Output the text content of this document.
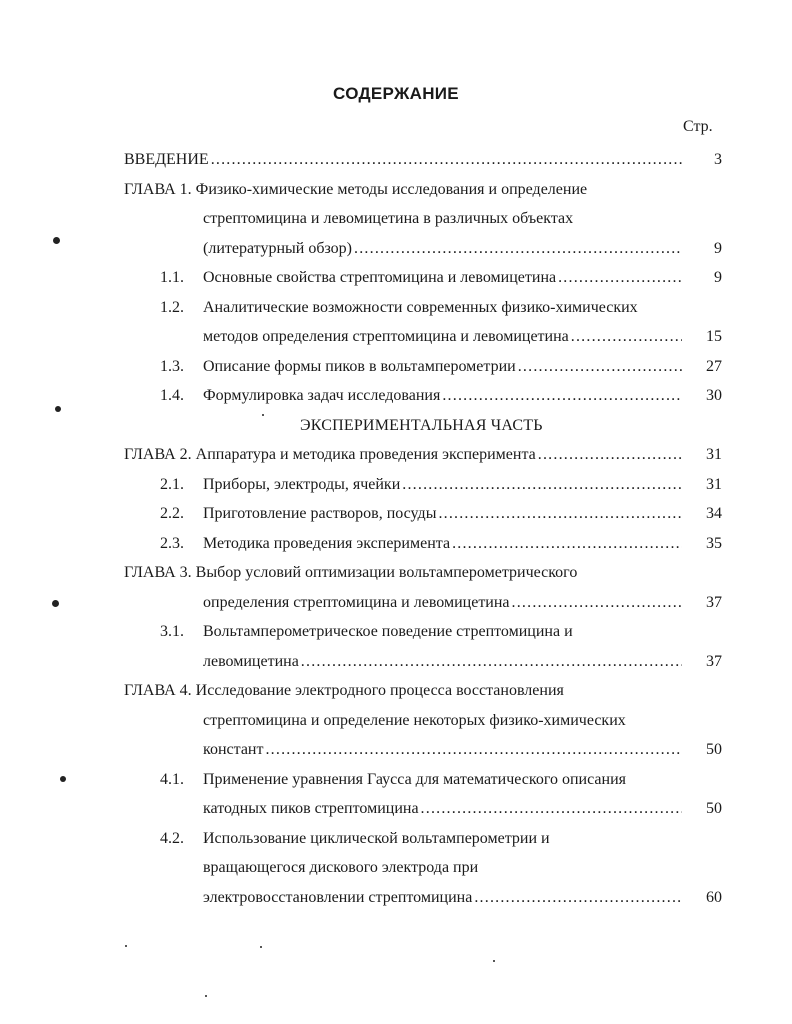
СОДЕРЖАНИЕ
Стр.
ВВЕДЕНИЕ .....	3
ГЛАВА 1. Физико-химические методы исследования и определение
стрептомицина и левомицетина в различных объектах
(литературный обзор) .....	9
1.1. Основные свойства стрептомицина и левомицетина .....	9
1.2. Аналитические возможности современных физико-химических
методов определения стрептомицина и левомицетина .....	15
1.3. Описание формы пиков в вольтамперометрии .....	27
1.4. Формулировка задач исследования .....	30
ЭКСПЕРИМЕНТАЛЬНАЯ ЧАСТЬ
ГЛАВА 2. Аппаратура и методика проведения эксперимента .....	31
2.1. Приборы, электроды, ячейки .....	31
2.2. Приготовление растворов, посуды .....	34
2.3. Методика проведения эксперимента .....	35
ГЛАВА 3. Выбор условий оптимизации вольтамперометрического
определения стрептомицина и левомицетина .....	37
3.1. Вольтамперометрическое поведение стрептомицина и
левомицетина .....	37
ГЛАВА 4. Исследование электродного процесса восстановления
стрептомицина и определение некоторых физико-химических
констант .....	50
4.1. Применение уравнения Гаусса для математического описания
катодных пиков стрептомицина .....	50
4.2. Использование циклической вольтамперометрии и
вращающегося дискового электрода при
электровосстановлении стрептомицина .....	60
